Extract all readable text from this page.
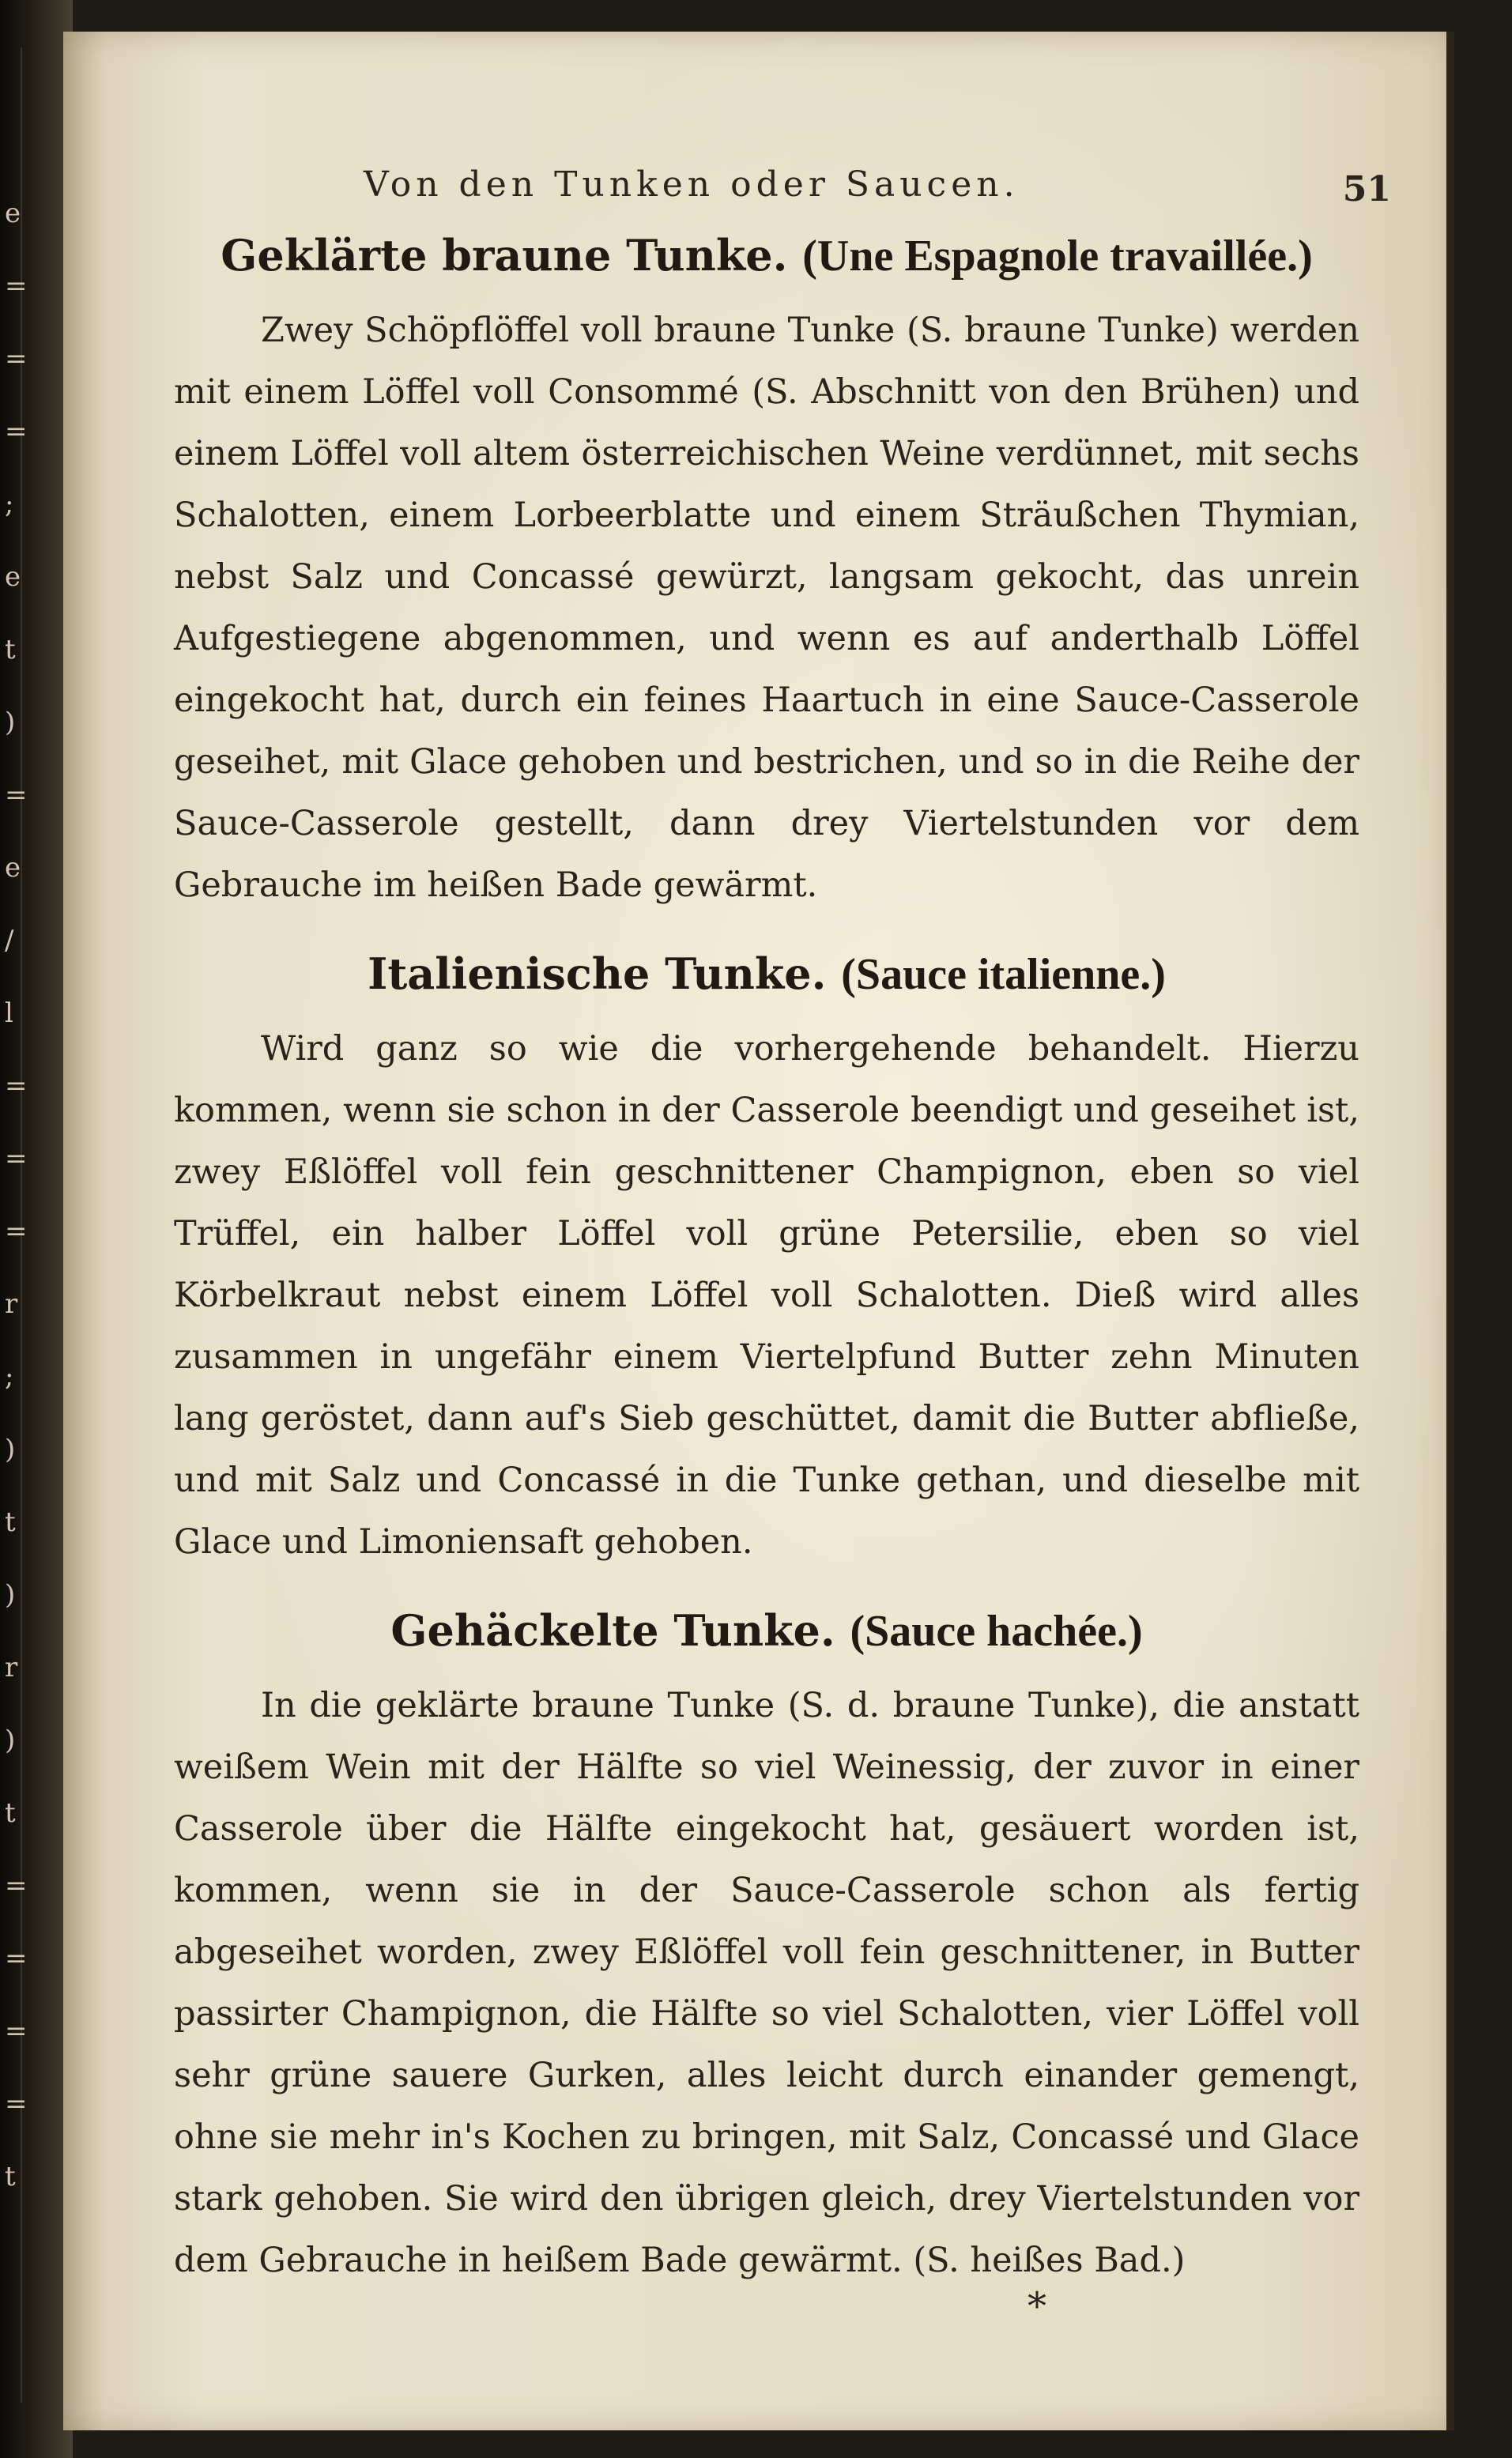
e
=
=
=
;
e
t
)
=
e
/
l
=
=
=
r
;
)
t
)
r
)
t
=
=
=
=
t
Von den Tunken oder Saucen.	51
Geklärte braune Tunke. (Une Espagnole travaillée.)

Zwey Schöpflöffel voll braune Tunke (S. braune Tunke) werden mit einem Löffel voll Consommé (S. Abschnitt von den Brühen) und einem Löffel voll altem österreichischen Weine verdünnet, mit sechs Schalotten, einem Lorbeerblatte und einem Sträußchen Thymian, nebst Salz und Concassé gewürzt, langsam gekocht, das unrein Aufgestiegene abgenommen, und wenn es auf anderthalb Löffel eingekocht hat, durch ein feines Haartuch in eine Sauce-Casserole geseihet, mit Glace gehoben und bestrichen, und so in die Reihe der Sauce-Casserole gestellt, dann drey Viertelstunden vor dem Gebrauche im heißen Bade gewärmt.

Italienische Tunke. (Sauce italienne.)

Wird ganz so wie die vorhergehende behandelt. Hierzu kommen, wenn sie schon in der Casserole beendigt und geseihet ist, zwey Eßlöffel voll fein geschnittener Champignon, eben so viel Trüffel, ein halber Löffel voll grüne Petersilie, eben so viel Körbelkraut nebst einem Löffel voll Schalotten. Dieß wird alles zusammen in ungefähr einem Viertelpfund Butter zehn Minuten lang geröstet, dann auf's Sieb geschüttet, damit die Butter abfließe, und mit Salz und Concassé in die Tunke gethan, und dieselbe mit Glace und Limoniensaft gehoben.

Gehäckelte Tunke. (Sauce hachée.)

In die geklärte braune Tunke (S. d. braune Tunke), die anstatt weißem Wein mit der Hälfte so viel Weinessig, der zuvor in einer Casserole über die Hälfte eingekocht hat, gesäuert worden ist, kommen, wenn sie in der Sauce-Casserole schon als fertig abgeseihet worden, zwey Eßlöffel voll fein geschnittener, in Butter passirter Champignon, die Hälfte so viel Schalotten, vier Löffel voll sehr grüne sauere Gurken, alles leicht durch einander gemengt, ohne sie mehr in's Kochen zu bringen, mit Salz, Concassé und Glace stark gehoben. Sie wird den übrigen gleich, drey Viertelstunden vor dem Gebrauche in heißem Bade gewärmt. (S. heißes Bad.)

*
